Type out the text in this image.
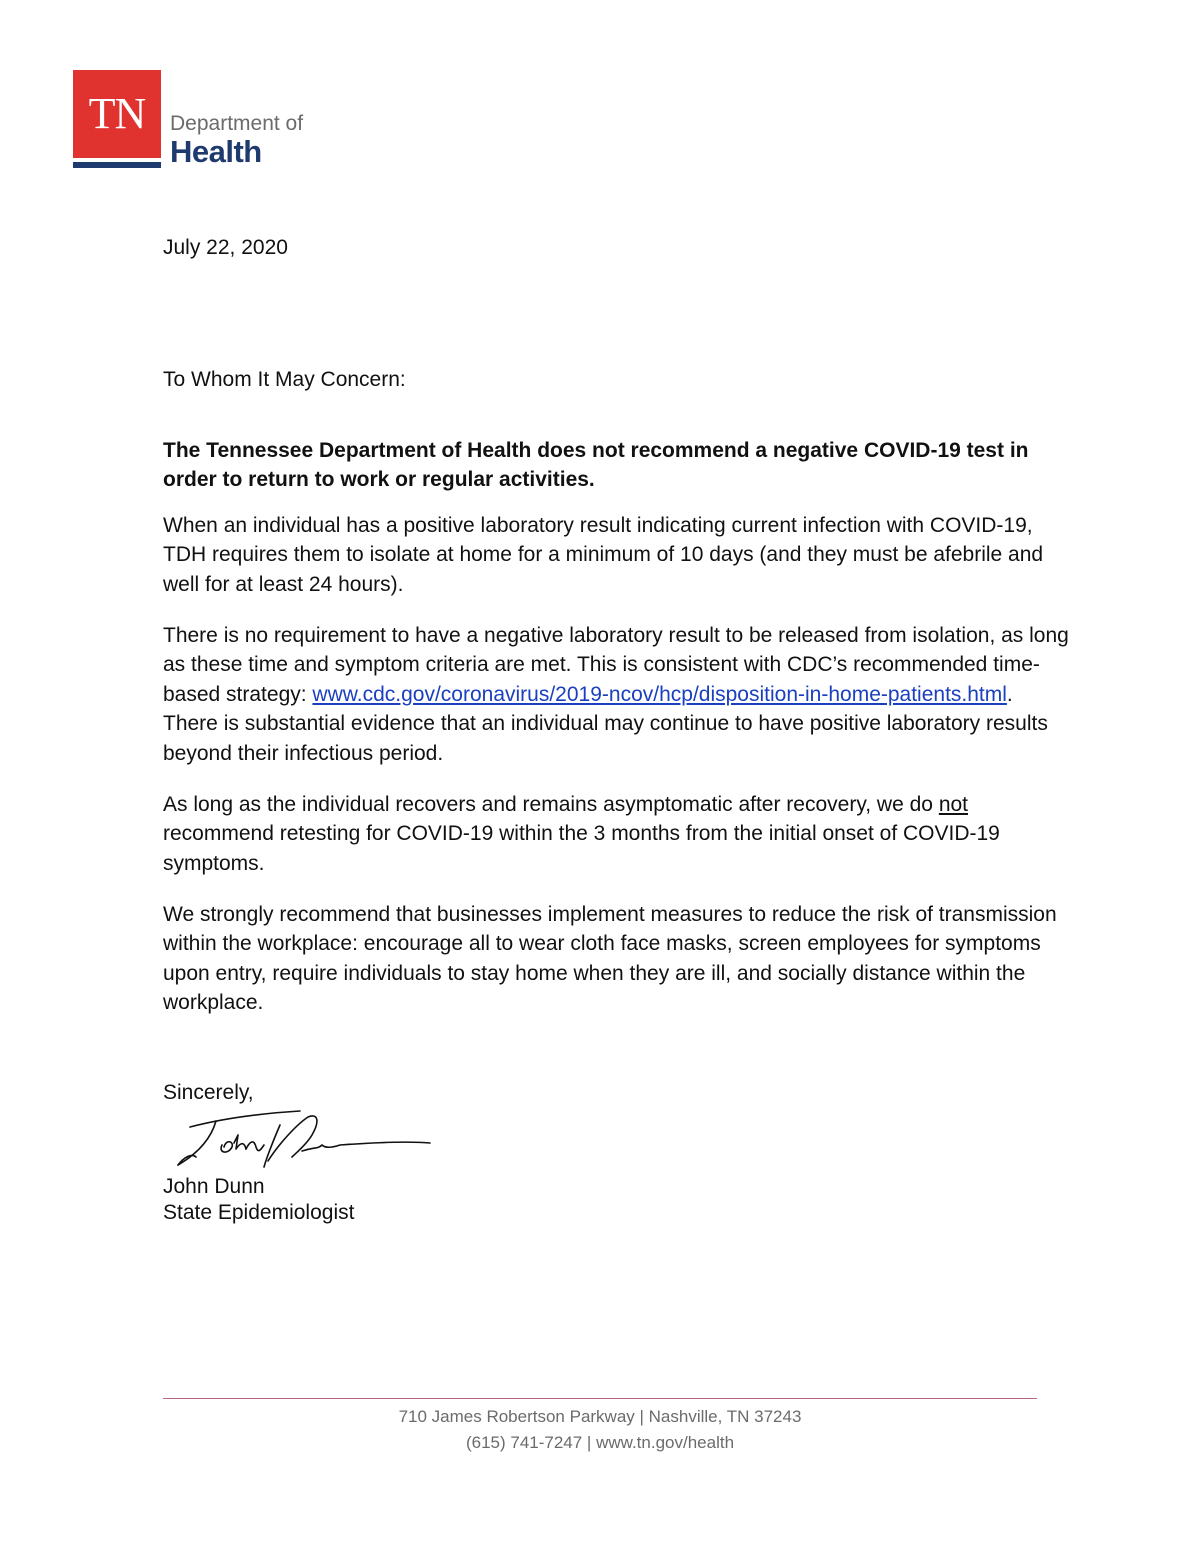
TN	Department of
Health
July 22, 2020
To Whom It May Concern:
The Tennessee Department of Health does not recommend a negative COVID-19 test in order to return to work or regular activities.
When an individual has a positive laboratory result indicating current infection with COVID-19, TDH requires them to isolate at home for a minimum of 10 days (and they must be afebrile and well for at least 24 hours).
There is no requirement to have a negative laboratory result to be released from isolation, as long as these time and symptom criteria are met. This is consistent with CDC’s recommended time-based strategy: www.cdc.gov/coronavirus/2019-ncov/hcp/disposition-in-home-patients.html. There is substantial evidence that an individual may continue to have positive laboratory results beyond their infectious period.
As long as the individual recovers and remains asymptomatic after recovery, we do not recommend retesting for COVID-19 within the 3 months from the initial onset of COVID-19 symptoms.
We strongly recommend that businesses implement measures to reduce the risk of transmission within the workplace: encourage all to wear cloth face masks, screen employees for symptoms upon entry, require individuals to stay home when they are ill, and socially distance within the workplace.
Sincerely,
John Dunn
State Epidemiologist
710 James Robertson Parkway | Nashville, TN 37243
(615) 741-7247 | www.tn.gov/health
